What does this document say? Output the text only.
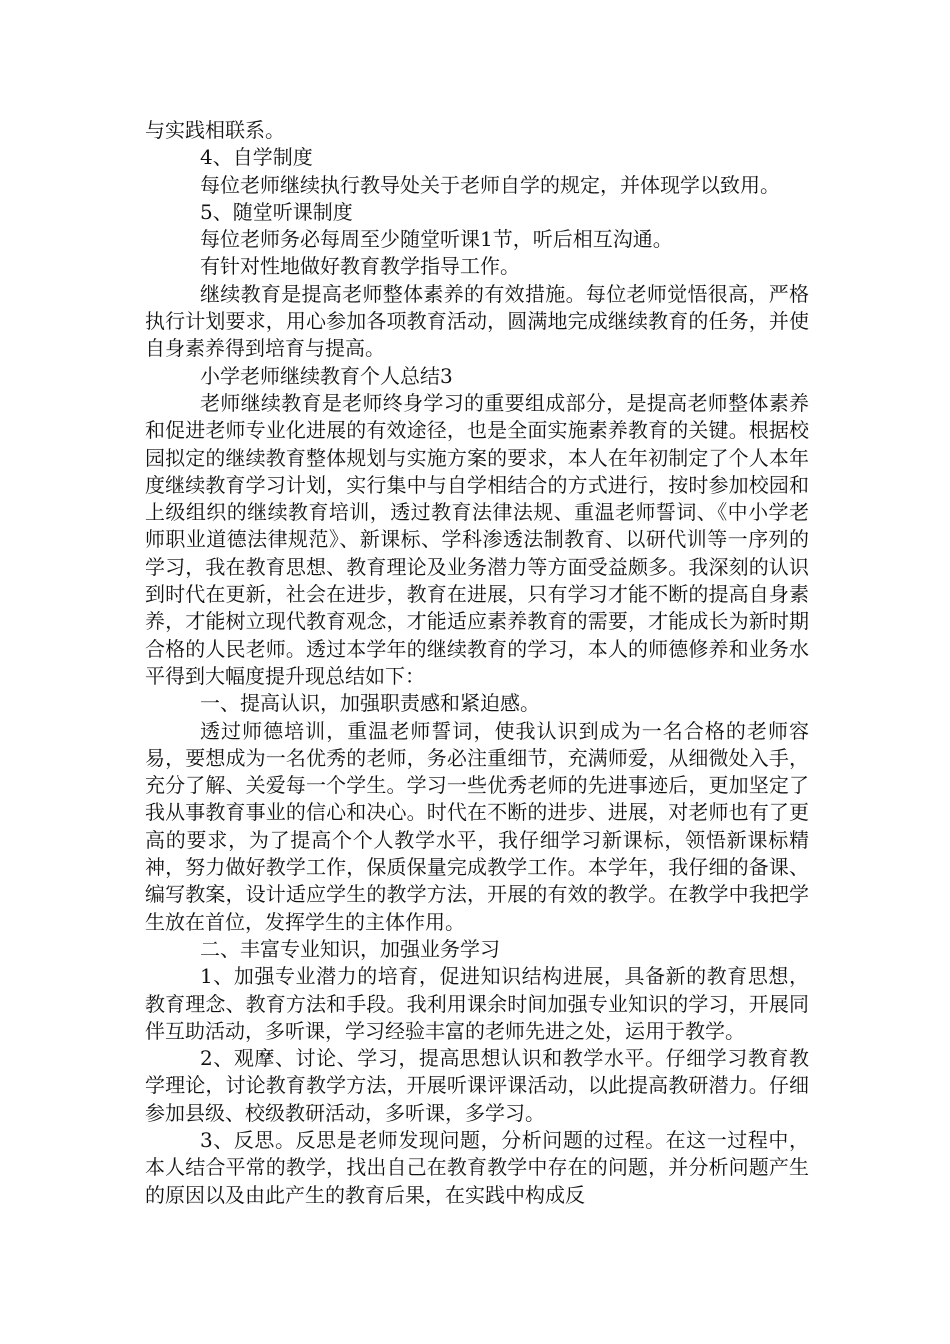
与实践相联系。

4、自学制度

每位老师继续执行教导处关于老师自学的规定，并体现学以致用。

5、随堂听课制度

每位老师务必每周至少随堂听课1节，听后相互沟通。

有针对性地做好教育教学指导工作。

继续教育是提高老师整体素养的有效措施。每位老师觉悟很高，严格执行计划要求，用心参加各项教育活动，圆满地完成继续教育的任务，并使自身素养得到培育与提高。

小学老师继续教育个人总结3

老师继续教育是老师终身学习的重要组成部分，是提高老师整体素养和促进老师专业化进展的有效途径，也是全面实施素养教育的关键。根据校园拟定的继续教育整体规划与实施方案的要求，本人在年初制定了个人本年度继续教育学习计划，实行集中与自学相结合的方式进行，按时参加校园和上级组织的继续教育培训，透过教育法律法规、重温老师誓词、《中小学老师职业道德法律规范》、新课标、学科渗透法制教育、以研代训等一序列的学习，我在教育思想、教育理论及业务潜力等方面受益颇多。我深刻的认识到时代在更新，社会在进步，教育在进展，只有学习才能不断的提高自身素养，才能树立现代教育观念，才能适应素养教育的需要，才能成长为新时期合格的人民老师。透过本学年的继续教育的学习，本人的师德修养和业务水平得到大幅度提升现总结如下：

一、提高认识，加强职责感和紧迫感。

透过师德培训，重温老师誓词，使我认识到成为一名合格的老师容易，要想成为一名优秀的老师，务必注重细节，充满师爱，从细微处入手，充分了解、关爱每一个学生。学习一些优秀老师的先进事迹后，更加坚定了我从事教育事业的信心和决心。时代在不断的进步、进展，对老师也有了更高的要求，为了提高个个人教学水平，我仔细学习新课标，领悟新课标精神，努力做好教学工作，保质保量完成教学工作。本学年，我仔细的备课、编写教案，设计适应学生的教学方法，开展的有效的教学。在教学中我把学生放在首位，发挥学生的主体作用。

二、丰富专业知识，加强业务学习

1、加强专业潜力的培育，促进知识结构进展，具备新的教育思想，教育理念、教育方法和手段。我利用课余时间加强专业知识的学习，开展同伴互助活动，多听课，学习经验丰富的老师先进之处，运用于教学。

2、观摩、讨论、学习，提高思想认识和教学水平。仔细学习教育教学理论，讨论教育教学方法，开展听课评课活动，以此提高教研潜力。仔细参加县级、校级教研活动，多听课，多学习。

3、反思。反思是老师发现问题，分析问题的过程。在这一过程中，本人结合平常的教学，找出自己在教育教学中存在的问题，并分析问题产生的原因以及由此产生的教育后果，在实践中构成反
